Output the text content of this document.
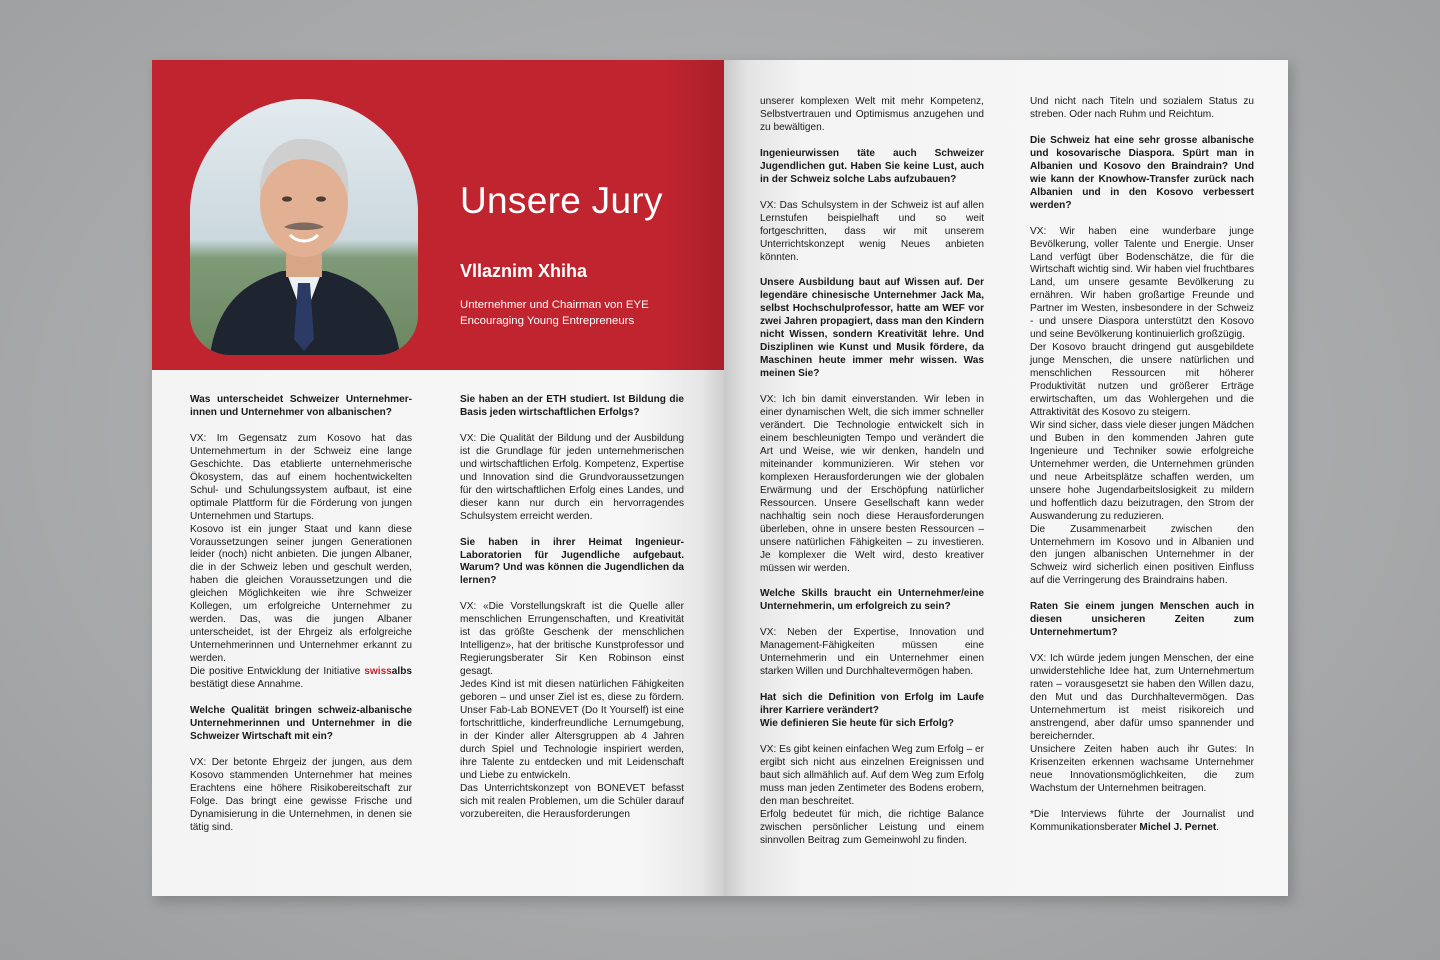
Unsere Jury
Vllaznim Xhiha
Unternehmer und Chairman von EYE
Encouraging Young Entrepreneurs

Was unterscheidet Schweizer Unternehmer-innen und Unternehmer von albanischen?

VX: Im Gegensatz zum Kosovo hat das Unternehmertum in der Schweiz eine lange Geschichte. Das etablierte unternehmerische Ökosystem, das auf einem hochentwickelten Schul- und Schulungssystem aufbaut, ist eine optimale Plattform für die Förderung von jungen Unternehmen und Startups.

Kosovo ist ein junger Staat und kann diese Voraussetzungen seiner jungen Generationen leider (noch) nicht anbieten. Die jungen Albaner, die in der Schweiz leben und geschult werden, haben die gleichen Voraussetzungen und die gleichen Möglichkeiten wie ihre Schweizer Kollegen, um erfolgreiche Unternehmer zu werden. Das, was die jungen Albaner unterscheidet, ist der Ehrgeiz als erfolgreiche Unternehmerinnen und Unternehmer erkannt zu werden.

Die positive Entwicklung der Initiative swissalbs bestätigt diese Annahme.

Welche Qualität bringen schweiz-albanische Unternehmerinnen und Unternehmer in die Schweizer Wirtschaft mit ein?

VX: Der betonte Ehrgeiz der jungen, aus dem Kosovo stammenden Unternehmer hat meines Erachtens eine höhere Risikobereitschaft zur Folge. Das bringt eine gewisse Frische und Dynamisierung in die Unternehmen, in denen sie tätig sind.

Sie haben an der ETH studiert. Ist Bildung die Basis jeden wirtschaftlichen Erfolgs?

VX: Die Qualität der Bildung und der Ausbildung ist die Grundlage für jeden unternehmerischen und wirtschaftlichen Erfolg. Kompetenz, Expertise und Innovation sind die Grundvoraussetzungen für den wirtschaftlichen Erfolg eines Landes, und dieser kann nur durch ein hervorragendes Schulsystem erreicht werden.

Sie haben in ihrer Heimat Ingenieur-Laboratorien für Jugendliche aufgebaut. Warum? Und was können die Jugendlichen da lernen?

VX: «Die Vorstellungskraft ist die Quelle aller menschlichen Errungenschaften, und Kreativität ist das größte Geschenk der menschlichen Intelligenz», hat der britische Kunstprofessor und Regierungsberater Sir Ken Robinson einst gesagt.

Jedes Kind ist mit diesen natürlichen Fähigkeiten geboren – und unser Ziel ist es, diese zu fördern. Unser Fab-Lab BONEVET (Do It Yourself) ist eine fortschrittliche, kinderfreundliche Lernumgebung, in der Kinder aller Altersgruppen ab 4 Jahren durch Spiel und Technologie inspiriert werden, ihre Talente zu entdecken und mit Leidenschaft und Liebe zu entwickeln.

Das Unterrichtskonzept von BONEVET befasst sich mit realen Problemen, um die Schüler darauf vorzubereiten, die Herausforderungen

unserer komplexen Welt mit mehr Kompetenz, Selbstvertrauen und Optimismus anzugehen und zu bewältigen.

Ingenieurwissen täte auch Schweizer Jugendlichen gut. Haben Sie keine Lust, auch in der Schweiz solche Labs aufzubauen?

VX: Das Schulsystem in der Schweiz ist auf allen Lernstufen beispielhaft und so weit fortgeschritten, dass wir mit unserem Unterrichtskonzept wenig Neues anbieten könnten.

Unsere Ausbildung baut auf Wissen auf. Der legendäre chinesische Unternehmer Jack Ma, selbst Hochschulprofessor, hatte am WEF vor zwei Jahren propagiert, dass man den Kindern nicht Wissen, sondern Kreativität lehre. Und Disziplinen wie Kunst und Musik fördere, da Maschinen heute immer mehr wissen. Was meinen Sie?

VX: Ich bin damit einverstanden. Wir leben in einer dynamischen Welt, die sich immer schneller verändert. Die Technologie entwickelt sich in einem beschleunigten Tempo und verändert die Art und Weise, wie wir denken, handeln und miteinander kommunizieren. Wir stehen vor komplexen Herausforderungen wie der globalen Erwärmung und der Erschöpfung natürlicher Ressourcen. Unsere Gesellschaft kann weder nachhaltig sein noch diese Herausforderungen überleben, ohne in unsere besten Ressourcen – unsere natürlichen Fähigkeiten – zu investieren. Je komplexer die Welt wird, desto kreativer müssen wir werden.

Welche Skills braucht ein Unternehmer/eine Unternehmerin, um erfolgreich zu sein?

VX: Neben der Expertise, Innovation und Management-Fähigkeiten müssen eine Unternehmerin und ein Unternehmer einen starken Willen und Durchhaltevermögen haben.

Hat sich die Definition von Erfolg im Laufe ihrer Karriere verändert?

Wie definieren Sie heute für sich Erfolg?

VX: Es gibt keinen einfachen Weg zum Erfolg – er ergibt sich nicht aus einzelnen Ereignissen und baut sich allmählich auf. Auf dem Weg zum Erfolg muss man jeden Zentimeter des Bodens erobern, den man beschreitet.

Erfolg bedeutet für mich, die richtige Balance zwischen persönlicher Leistung und einem sinnvollen Beitrag zum Gemeinwohl zu finden.

Und nicht nach Titeln und sozialem Status zu streben. Oder nach Ruhm und Reichtum.

Die Schweiz hat eine sehr grosse albanische und kosovarische Diaspora. Spürt man in Albanien und Kosovo den Braindrain? Und wie kann der Knowhow-Transfer zurück nach Albanien und in den Kosovo verbessert werden?

VX: Wir haben eine wunderbare junge Bevölkerung, voller Talente und Energie. Unser Land verfügt über Bodenschätze, die für die Wirtschaft wichtig sind. Wir haben viel fruchtbares Land, um unsere gesamte Bevölkerung zu ernähren. Wir haben großartige Freunde und Partner im Westen, insbesondere in der Schweiz - und unsere Diaspora unterstützt den Kosovo und seine Bevölkerung kontinuierlich großzügig.

Der Kosovo braucht dringend gut ausgebildete junge Menschen, die unsere natürlichen und menschlichen Ressourcen mit höherer Produktivität nutzen und größerer Erträge erwirtschaften, um das Wohlergehen und die Attraktivität des Kosovo zu steigern.

Wir sind sicher, dass viele dieser jungen Mädchen und Buben in den kommenden Jahren gute Ingenieure und Techniker sowie erfolgreiche Unternehmer werden, die Unternehmen gründen und neue Arbeitsplätze schaffen werden, um unsere hohe Jugendarbeitslosigkeit zu mildern und hoffentlich dazu beizutragen, den Strom der Auswanderung zu reduzieren.

Die Zusammenarbeit zwischen den Unternehmern im Kosovo und in Albanien und den jungen albanischen Unternehmer in der Schweiz wird sicherlich einen positiven Einfluss auf die Verringerung des Braindrains haben.

Raten Sie einem jungen Menschen auch in diesen unsicheren Zeiten zum Unternehmertum?

VX: Ich würde jedem jungen Menschen, der eine unwiderstehliche Idee hat, zum Unternehmertum raten – vorausgesetzt sie haben den Willen dazu, den Mut und das Durchhaltevermögen. Das Unternehmertum ist meist risikoreich und anstrengend, aber dafür umso spannender und bereichernder.

Unsichere Zeiten haben auch ihr Gutes: In Krisenzeiten erkennen wachsame Unternehmer neue Innovationsmöglichkeiten, die zum Wachstum der Unternehmen beitragen.

*Die Interviews führte der Journalist und Kommunikationsberater Michel J. Pernet.
